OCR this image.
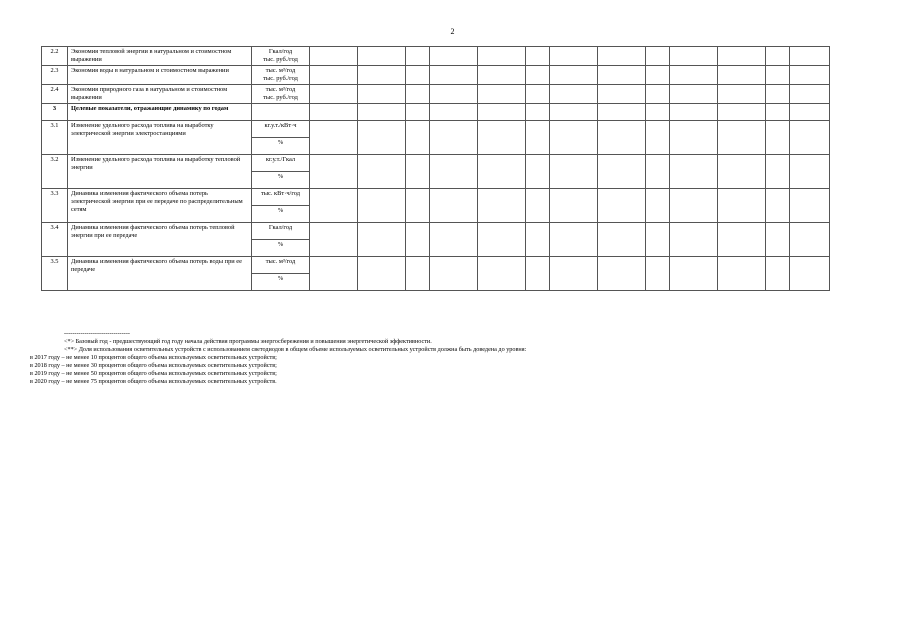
2
2.2	Экономия тепловой энергии в натуральном и стоимостном выражении	Гкал/год
тыс. руб./год													

2.3	Экономия воды в натуральном и стоимостном выражении	тыс. м³/год
тыс. руб./год													

2.4	Экономия природного газа в натуральном и стоимостном выражении	тыс. м³/год
тыс. руб./год													

3	Целевые показатели, отражающие динамику по годам	

3.1	Изменение удельного расхода топлива на выработку электрической энергии электростанциями	кг.у.т./кВт·ч													
		%													
3.2	Изменение удельного расхода топлива на выработку тепловой энергии	кг.у.т./Гкал													
		%													
3.3	Динамика изменения фактического объема потерь электрической энергии при ее передаче по распределительным сетям	тыс. кВт·ч/год													
		%													
3.4	Динамика изменения фактического объема потерь тепловой энергии при ее передаче	Гкал/год													
		%													
3.5	Динамика изменения фактического объема потерь воды при ее передаче	тыс. м³/год													
		%													
--------------------------------
<*> Базовый год - предшествующий год году начала действия программы энергосбережения и повышения энергетической эффективности.
<**> Доля использования осветительных устройств с использованием светодиодов в общем объеме используемых осветительных устройств должна быть доведена до уровня:
в 2017 году – не менее 10 процентов общего объема используемых осветительных устройств;
в 2018 году – не менее 30 процентов общего объема используемых осветительных устройств;
в 2019 году – не менее 50 процентов общего объема используемых осветительных устройств;
в 2020 году – не менее 75 процентов общего объема используемых осветительных устройств.
